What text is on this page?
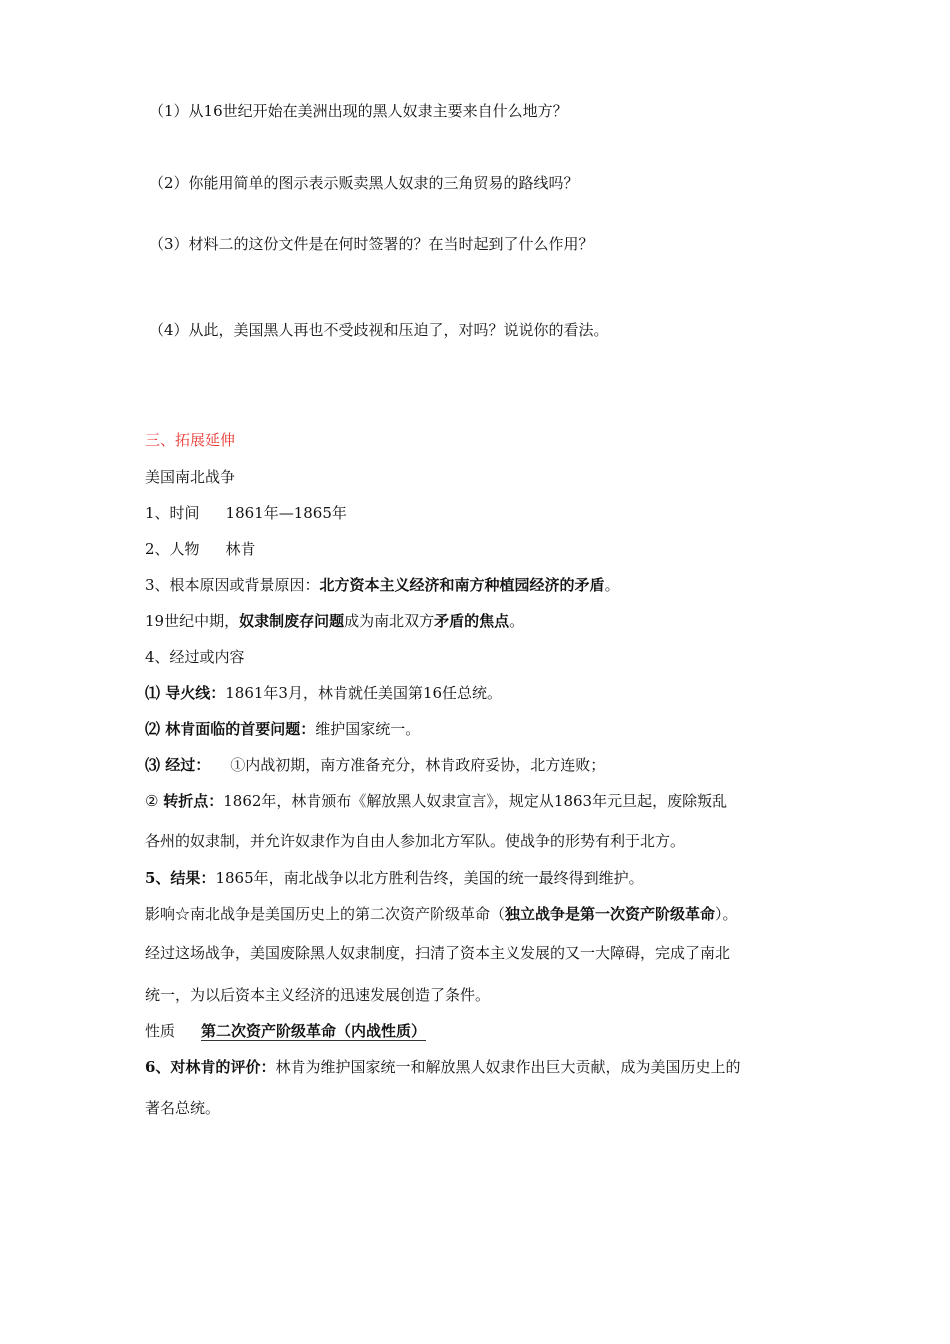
（1）从16世纪开始在美洲出现的黑人奴隶主要来自什么地方？
（2）你能用简单的图示表示贩卖黑人奴隶的三角贸易的路线吗？
（3）材料二的这份文件是在何时签署的？在当时起到了什么作用？
（4）从此，美国黑人再也不受歧视和压迫了，对吗？说说你的看法。
三、拓展延伸
美国南北战争
1、时间 1861年—1865年
2、人物 林肯
3、根本原因或背景原因：北方资本主义经济和南方种植园经济的矛盾。
19世纪中期，奴隶制废存问题成为南北双方矛盾的焦点。
4、经过或内容
⑴ 导火线：1861年3月，林肯就任美国第16任总统。
⑵ 林肯面临的首要问题：维护国家统一。
⑶ 经过： ①内战初期，南方准备充分，林肯政府妥协，北方连败；
② 转折点：1862年，林肯颁布《解放黑人奴隶宣言》，规定从1863年元旦起，废除叛乱
各州的奴隶制，并允许奴隶作为自由人参加北方军队。使战争的形势有利于北方。
5、结果：1865年，南北战争以北方胜利告终，美国的统一最终得到维护。
影响☆南北战争是美国历史上的第二次资产阶级革命（独立战争是第一次资产阶级革命）。
经过这场战争，美国废除黑人奴隶制度，扫清了资本主义发展的又一大障碍，完成了南北
统一，为以后资本主义经济的迅速发展创造了条件。
性质 第二次资产阶级革命（内战性质）
6、对林肯的评价：林肯为维护国家统一和解放黑人奴隶作出巨大贡献，成为美国历史上的
著名总统。
